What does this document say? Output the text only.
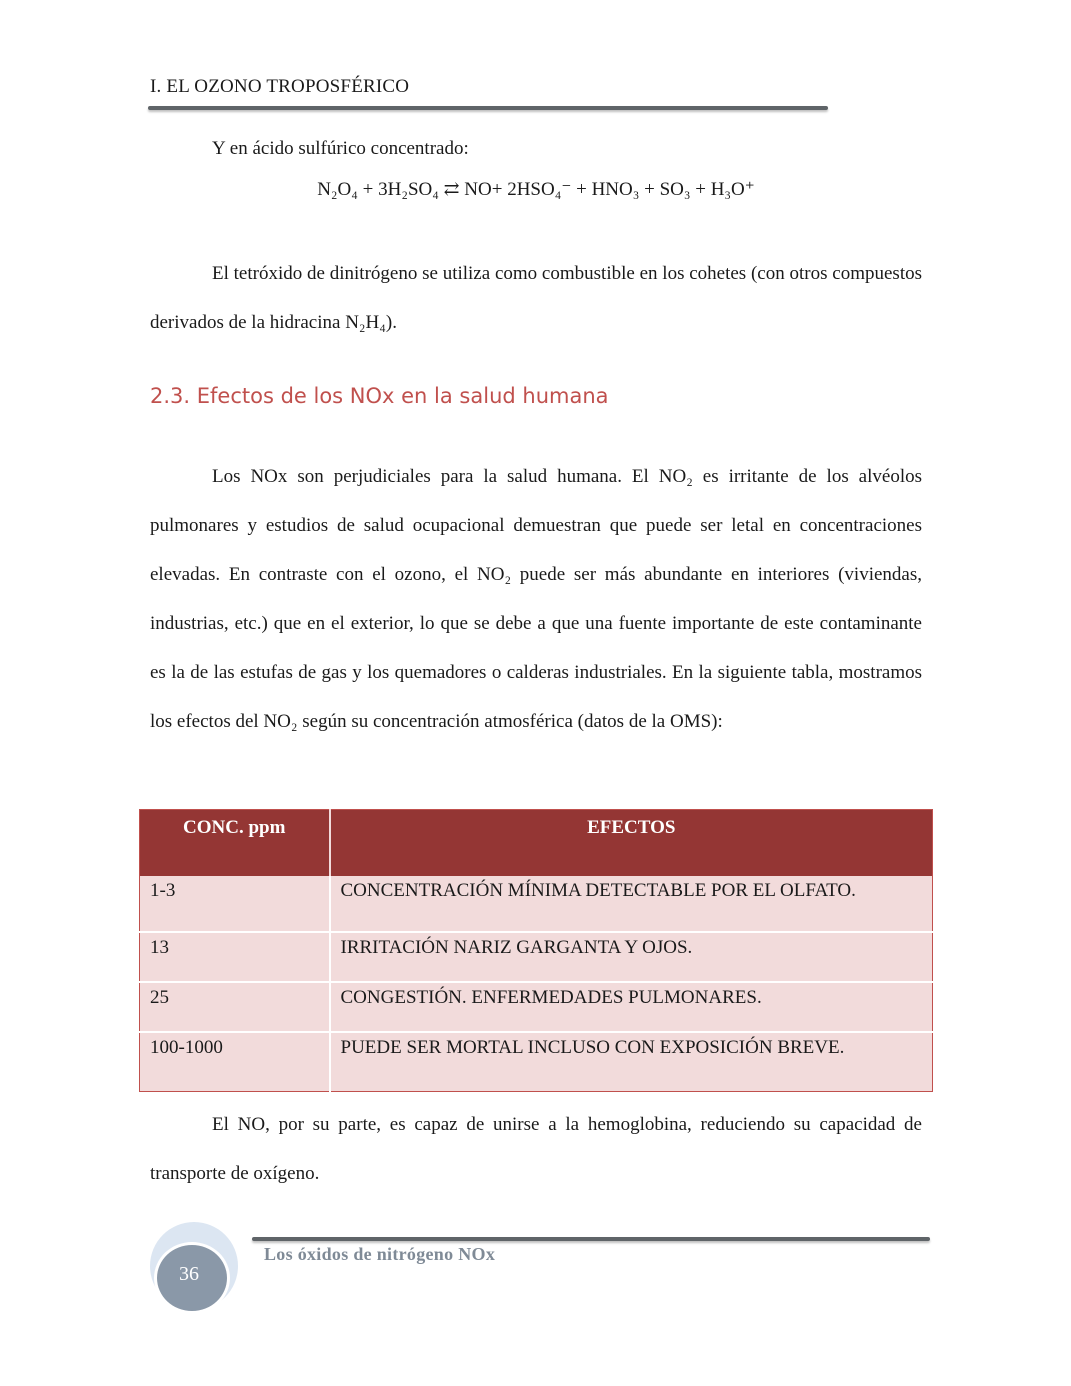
I. EL OZONO TROPOSFÉRICO

Y en ácido sulfúrico concentrado:

N₂O₄ + 3H₂SO₄ ⇄ NO+ 2HSO₄⁻ + HNO₃ + SO₃ + H₃O⁺

El tetróxido de dinitrógeno se utiliza como combustible en los cohetes (con otros compuestos derivados de la hidracina N₂H₄).

2.3. Efectos de los NOx en la salud humana

Los NOx son perjudiciales para la salud humana. El NO₂ es irritante de los alvéolos pulmonares y estudios de salud ocupacional demuestran que puede ser letal en concentraciones elevadas. En contraste con el ozono, el NO₂ puede ser más abundante en interiores (viviendas, industrias, etc.) que en el exterior, lo que se debe a que una fuente importante de este contaminante es la de las estufas de gas y los quemadores o calderas industriales. En la siguiente tabla, mostramos los efectos del NO₂ según su concentración atmosférica (datos de la OMS):

CONC. ppm	EFECTOS
1-3	CONCENTRACIÓN MÍNIMA DETECTABLE POR EL OLFATO.
13	IRRITACIÓN NARIZ GARGANTA Y OJOS.
25	CONGESTIÓN. ENFERMEDADES PULMONARES.
100-1000	PUEDE SER MORTAL INCLUSO CON EXPOSICIÓN BREVE.

El NO, por su parte, es capaz de unirse a la hemoglobina, reduciendo su capacidad de transporte de oxígeno.

36
Los óxidos de nitrógeno NOx
